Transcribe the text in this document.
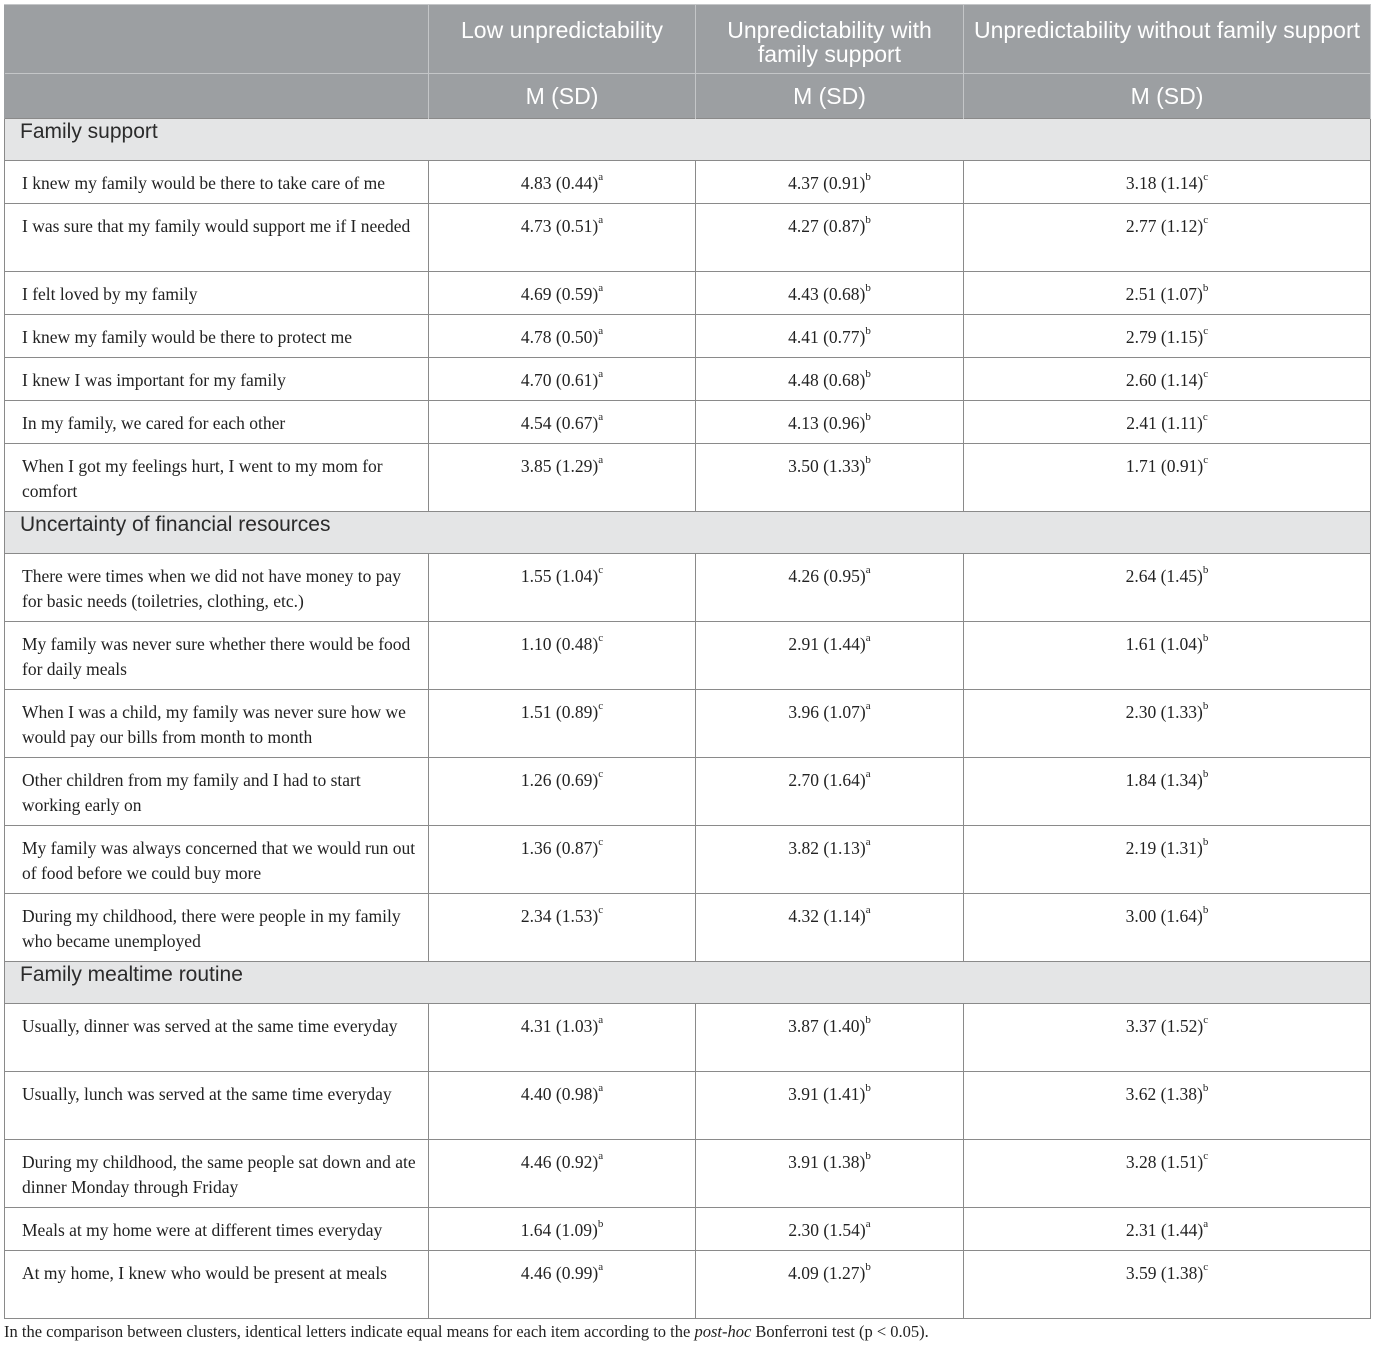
	Low unpredictability	Unpredictability with family support	Unpredictability without family support
	M (SD)	M (SD)	M (SD)
Family support			
I knew my family would be there to take care of me	4.83 $(0.44)^a$	4.37 $(0.91)^b$	3.18 $(1.14)^c$
I was sure that my family would support me if I needed	4.73 $(0.51)^a$	4.27 $(0.87)^b$	2.77 $(1.12)^c$
I felt loved by my family	4.69 $(0.59)^a$	4.43 $(0.68)^b$	2.51 $(1.07)^b$
I knew my family would be there to protect me	4.78 $(0.50)^a$	4.41 $(0.77)^b$	2.79 $(1.15)^c$
I knew I was important for my family	4.70 $(0.61)^a$	4.48 $(0.68)^b$	2.60 $(1.14)^c$
In my family, we cared for each other	4.54 $(0.67)^a$	4.13 $(0.96)^b$	2.41 $(1.11)^c$
When I got my feelings hurt, I went to my mom for comfort	3.85 $(1.29)^a$	3.50 $(1.33)^b$	1.71 $(0.91)^c$
Uncertainty of financial resources			
There were times when we did not have money to pay for basic needs (toiletries, clothing, etc.)	1.55 $(1.04)^c$	4.26 $(0.95)^a$	2.64 $(1.45)^b$
My family was never sure whether there would be food for daily meals	1.10 $(0.48)^c$	2.91 $(1.44)^a$	1.61 $(1.04)^b$
When I was a child, my family was never sure how we would pay our bills from month to month	1.51 $(0.89)^c$	3.96 $(1.07)^a$	2.30 $(1.33)^b$
Other children from my family and I had to start working early on	1.26 $(0.69)^c$	2.70 $(1.64)^a$	1.84 $(1.34)^b$
My family was always concerned that we would run out of food before we could buy more	1.36 $(0.87)^c$	3.82 $(1.13)^a$	2.19 $(1.31)^b$
During my childhood, there were people in my family who became unemployed	2.34 $(1.53)^c$	4.32 $(1.14)^a$	3.00 $(1.64)^b$
Family mealtime routine			
Usually, dinner was served at the same time everyday	4.31 $(1.03)^a$	3.87 $(1.40)^b$	3.37 $(1.52)^c$
Usually, lunch was served at the same time everyday	4.40 $(0.98)^a$	3.91 $(1.41)^b$	3.62 $(1.38)^b$
During my childhood, the same people sat down and ate dinner Monday through Friday	4.46 $(0.92)^a$	3.91 $(1.38)^b$	3.28 $(1.51)^c$
Meals at my home were at different times everyday	1.64 $(1.09)^b$	2.30 $(1.54)^a$	2.31 $(1.44)^a$
At my home, I knew who would be present at meals	4.46 $(0.99)^a$	4.09 $(1.27)^b$	3.59 $(1.38)^c$
In the comparison between clusters, identical letters indicate equal means for each item according to the post-hoc Bonferroni test (p < 0.05).
